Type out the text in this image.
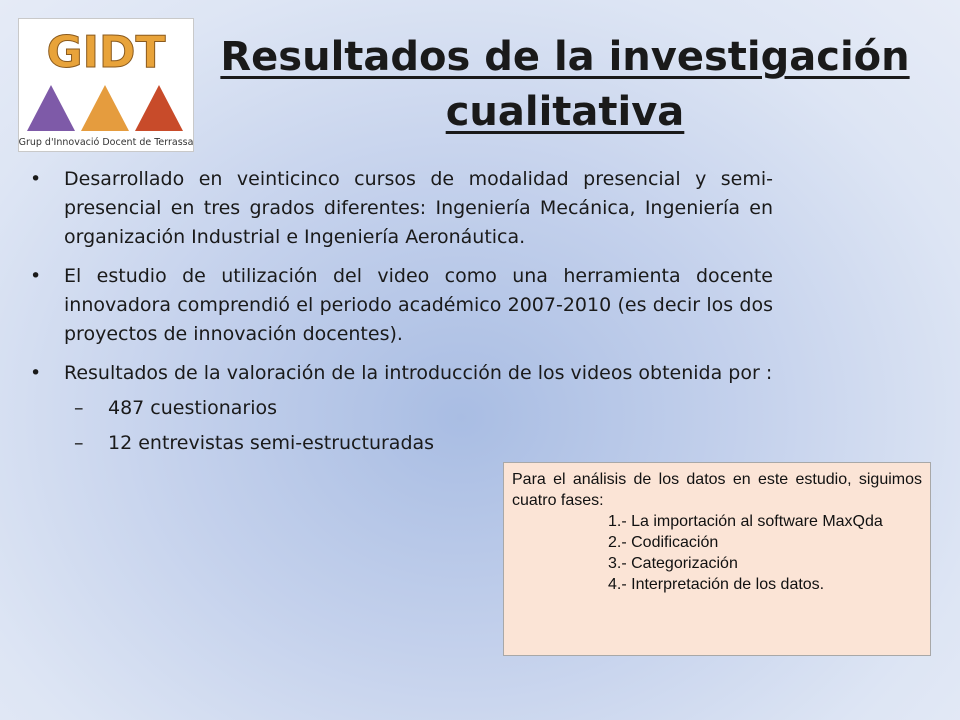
GIDT
Grup d'Innovació Docent de Terrassa
Resultados de la investigación cualitativa
• Desarrollado en veinticinco cursos de modalidad presencial y semi-presencial en tres grados diferentes: Ingeniería Mecánica, Ingeniería en organización Industrial e Ingeniería Aeronáutica.
• El estudio de utilización del video como una herramienta docente innovadora comprendió el periodo académico 2007-2010 (es decir los dos proyectos de innovación docentes).
• Resultados de la valoración de la introducción de los videos obtenida por :
– 487 cuestionarios
– 12 entrevistas semi-estructuradas

Para el análisis de los datos en este estudio, siguimos cuatro fases:

1.- La importación al software MaxQda
2.- Codificación
3.- Categorización
4.- Interpretación de los datos.
